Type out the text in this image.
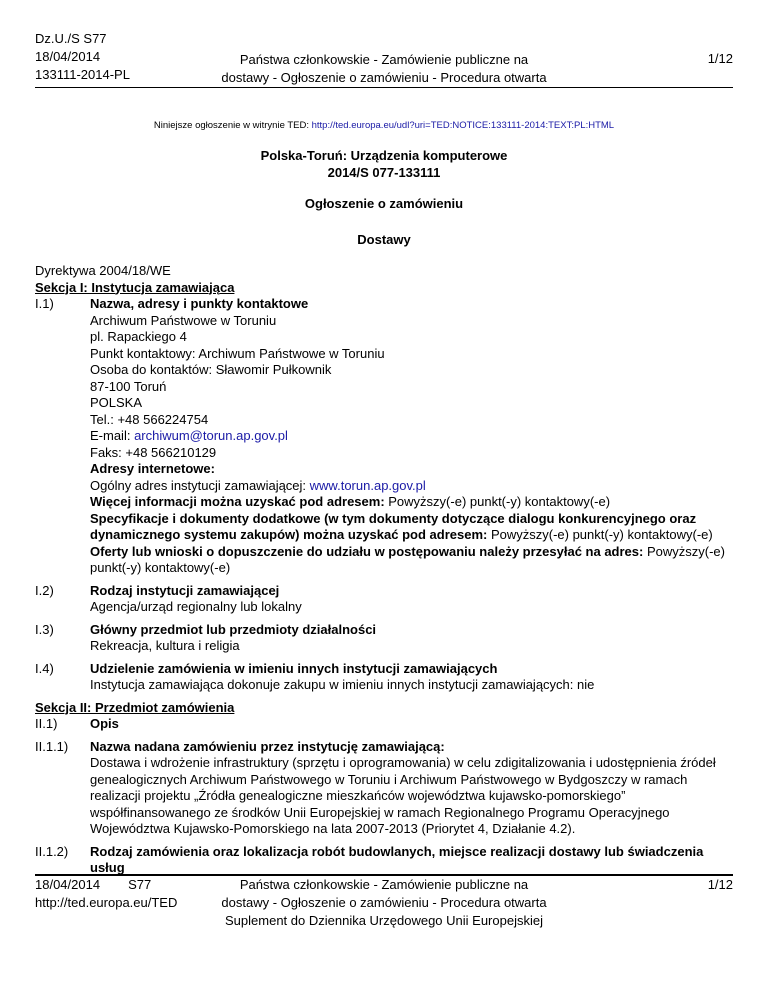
Dz.U./S S77
18/04/2014
133111-2014-PL
Państwa członkowskie - Zamówienie publiczne na
dostawy - Ogłoszenie o zamówieniu - Procedura otwarta
1/12
Niniejsze ogłoszenie w witrynie TED: http://ted.europa.eu/udl?uri=TED:NOTICE:133111-2014:TEXT:PL:HTML
Polska-Toruń: Urządzenia komputerowe
2014/S 077-133111
Ogłoszenie o zamówieniu
Dostawy
Dyrektywa 2004/18/WE
Sekcja I: Instytucja zamawiająca
I.1)	Nazwa, adresy i punkty kontaktowe
Archiwum Państwowe w Toruniu
pl. Rapackiego 4
Punkt kontaktowy: Archiwum Państwowe w Toruniu
Osoba do kontaktów: Sławomir Pułkownik
87-100 Toruń
POLSKA
Tel.: +48 566224754
E-mail: archiwum@torun.ap.gov.pl
Faks: +48 566210129
Adresy internetowe:
Ogólny adres instytucji zamawiającej: www.torun.ap.gov.pl
Więcej informacji można uzyskać pod adresem: Powyższy(-e) punkt(-y) kontaktowy(-e)
Specyfikacje i dokumenty dodatkowe (w tym dokumenty dotyczące dialogu konkurencyjnego oraz dynamicznego systemu zakupów) można uzyskać pod adresem: Powyższy(-e) punkt(-y) kontaktowy(-e)
Oferty lub wnioski o dopuszczenie do udziału w postępowaniu należy przesyłać na adres: Powyższy(-e) punkt(-y) kontaktowy(-e)
I.2)	Rodzaj instytucji zamawiającej
Agencja/urząd regionalny lub lokalny
I.3)	Główny przedmiot lub przedmioty działalności
Rekreacja, kultura i religia
I.4)	Udzielenie zamówienia w imieniu innych instytucji zamawiających
Instytucja zamawiająca dokonuje zakupu w imieniu innych instytucji zamawiających: nie
Sekcja II: Przedmiot zamówienia
II.1)	Opis
II.1.1)	Nazwa nadana zamówieniu przez instytucję zamawiającą:
Dostawa i wdrożenie infrastruktury (sprzętu i oprogramowania) w celu zdigitalizowania i udostępnienia źródeł genealogicznych Archiwum Państwowego w Toruniu i Archiwum Państwowego w Bydgoszczy w ramach realizacji projektu „Źródła genealogiczne mieszkańców województwa kujawsko-pomorskiego” współfinansowanego ze środków Unii Europejskiej w ramach Regionalnego Programu Operacyjnego Województwa Kujawsko-Pomorskiego na lata 2007-2013 (Priorytet 4, Działanie 4.2).
II.1.2)	Rodzaj zamówienia oraz lokalizacja robót budowlanych, miejsce realizacji dostawy lub świadczenia usług
18/04/2014 S77
http://ted.europa.eu/TED
Państwa członkowskie - Zamówienie publiczne na
dostawy - Ogłoszenie o zamówieniu - Procedura otwarta
Suplement do Dziennika Urzędowego Unii Europejskiej
1/12
